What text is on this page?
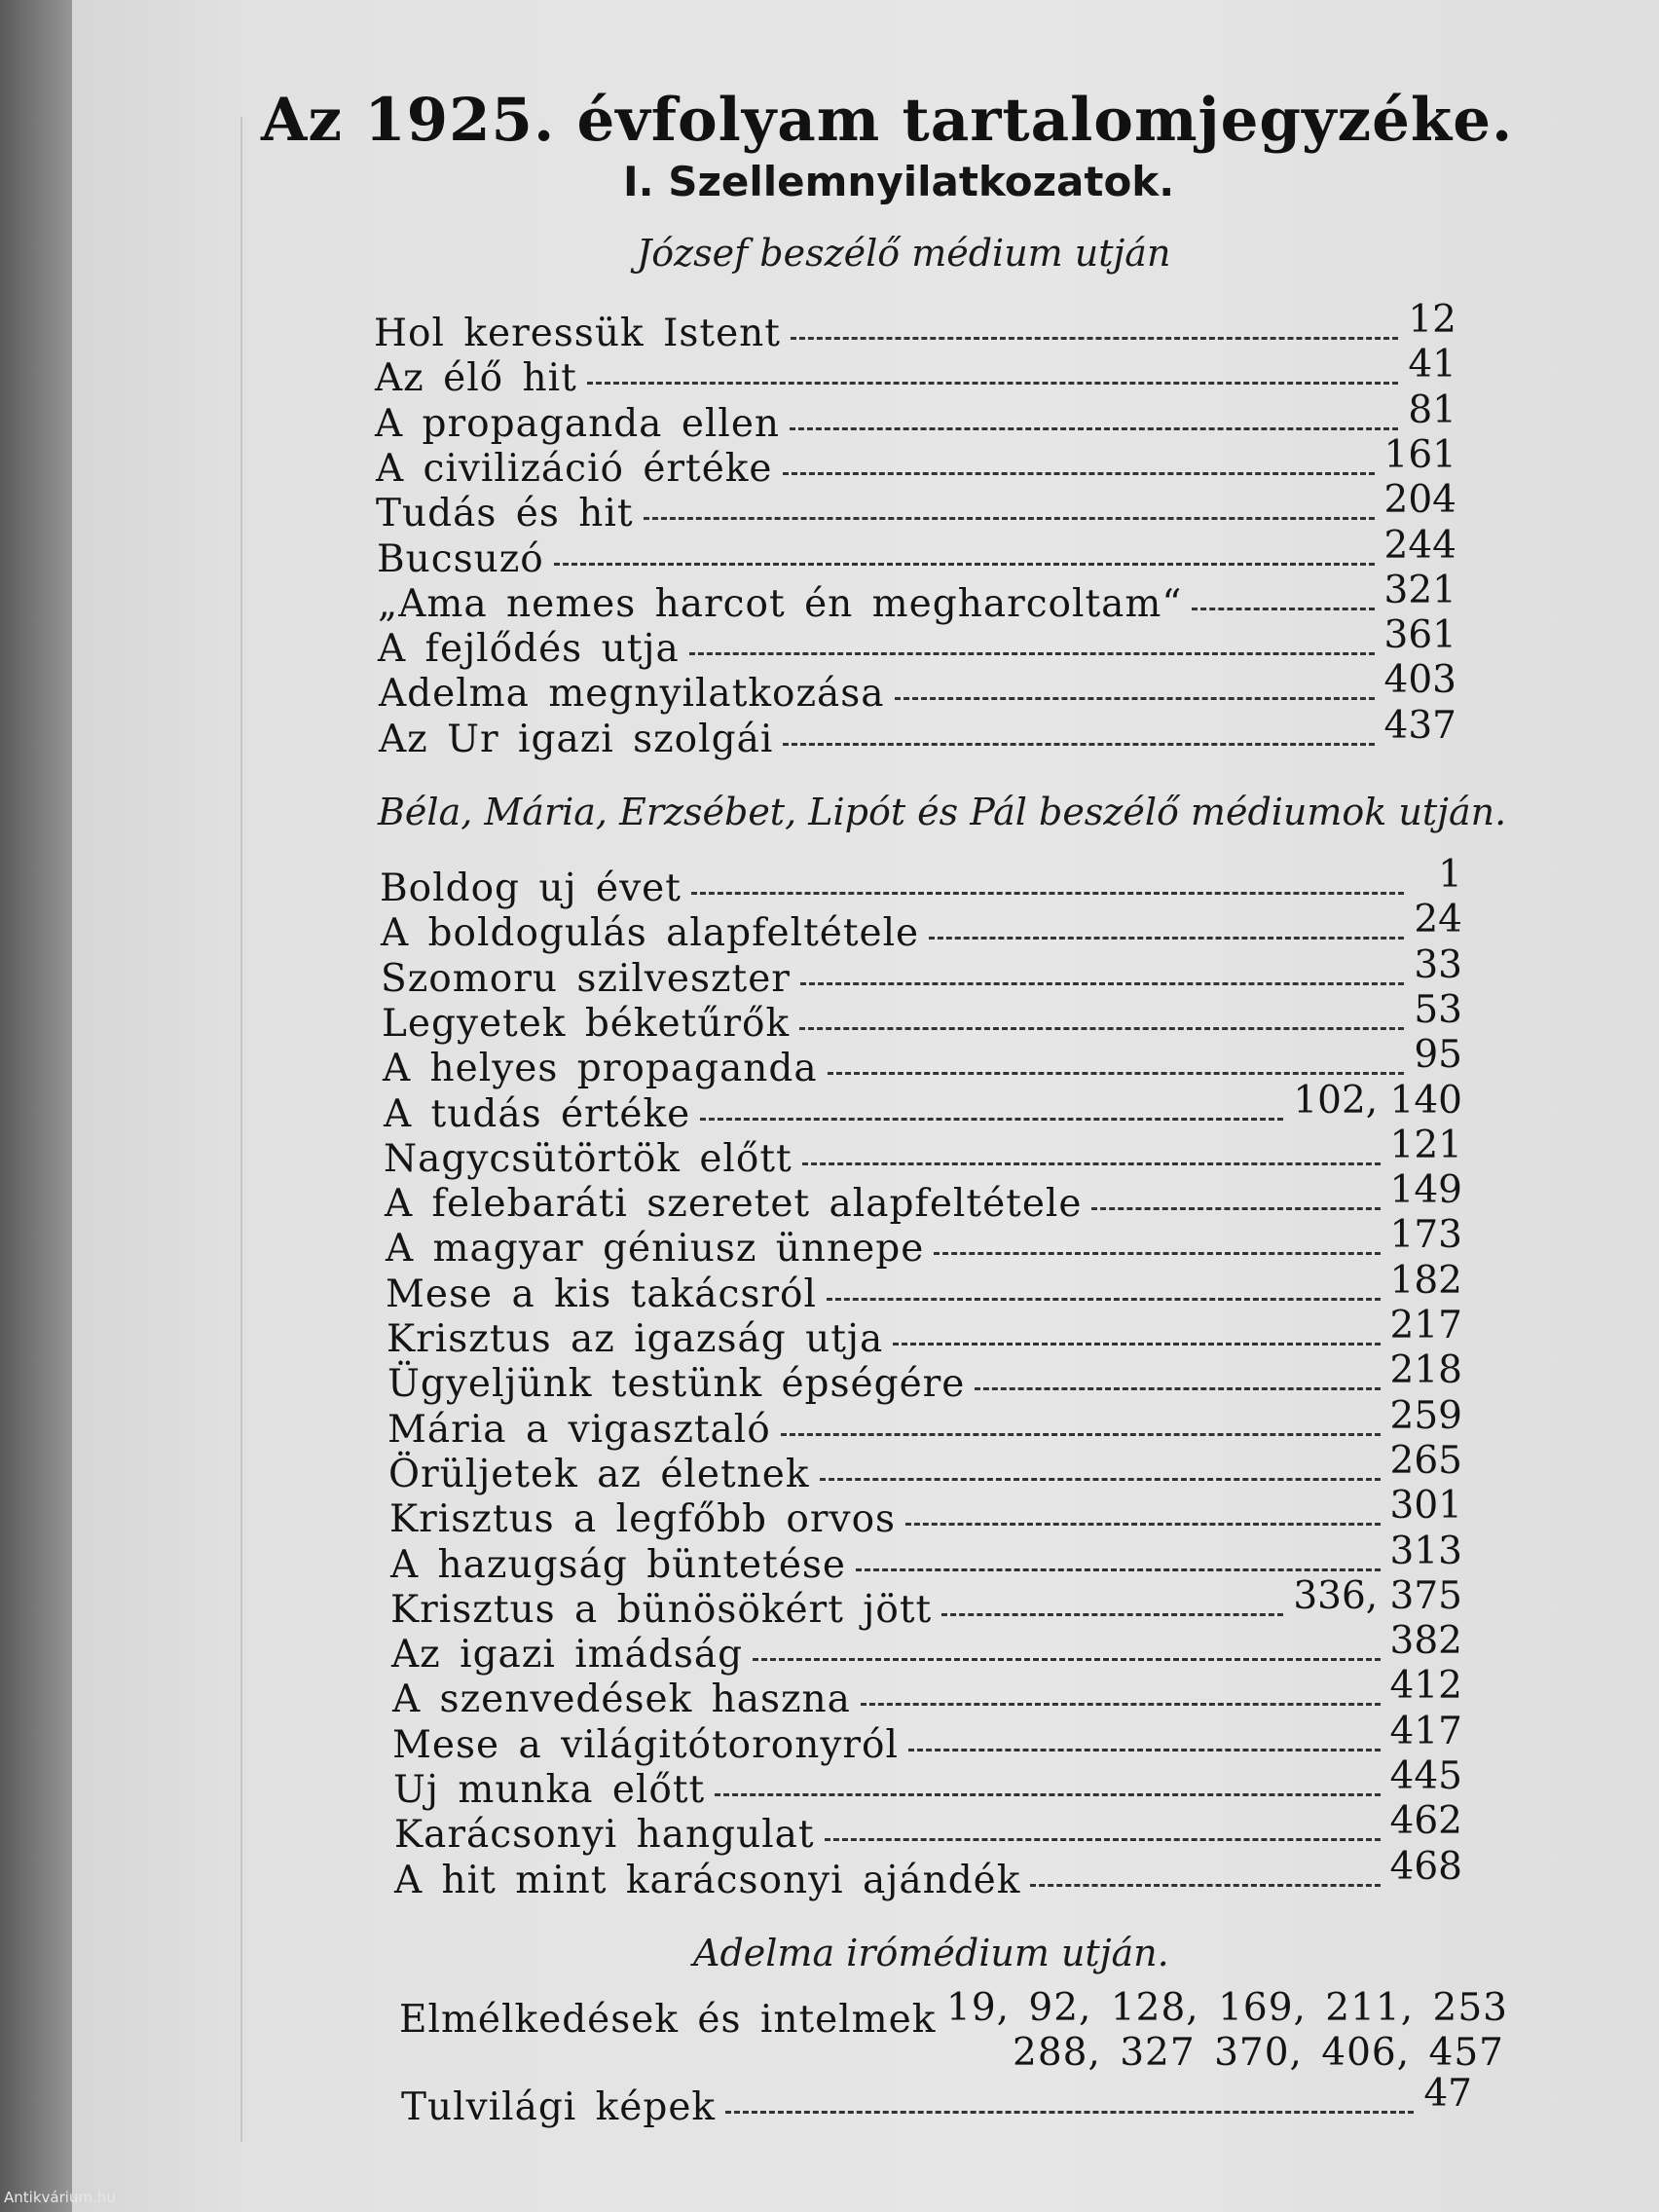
Az 1925. évfolyam tartalomjegyzéke.
I. Szellemnyilatkozatok.
József beszélő médium utján
Hol keressük Istent	12
Az élő hit	41
A propaganda ellen	81
A civilizáció értéke	161
Tudás és hit	204
Bucsuzó	244
„Ama nemes harcot én megharcoltam“	321
A fejlődés utja	361
Adelma megnyilatkozása	403
Az Ur igazi szolgái	437
Béla, Mária, Erzsébet, Lipót és Pál beszélő médiumok utján.
Boldog uj évet	1
A boldogulás alapfeltétele	24
Szomoru szilveszter	33
Legyetek béketűrők	53
A helyes propaganda	95
A tudás értéke	102, 140
Nagycsütörtök előtt	121
A felebaráti szeretet alapfeltétele	149
A magyar géniusz ünnepe	173
Mese a kis takácsról	182
Krisztus az igazság utja	217
Ügyeljünk testünk épségére	218
Mária a vigasztaló	259
Örüljetek az életnek	265
Krisztus a legfőbb orvos	301
A hazugság büntetése	313
Krisztus a bünösökért jött	336, 375
Az igazi imádság	382
A szenvedések haszna	412
Mese a világitótoronyról	417
Uj munka előtt	445
Karácsonyi hangulat	462
A hit mint karácsonyi ajándék	468
Adelma irómédium utján.
Elmélkedések és intelmek 19, 92, 128, 169, 211, 253
288, 327 370, 406, 457
Tulvilági képek	47
Antikvárium.hu
